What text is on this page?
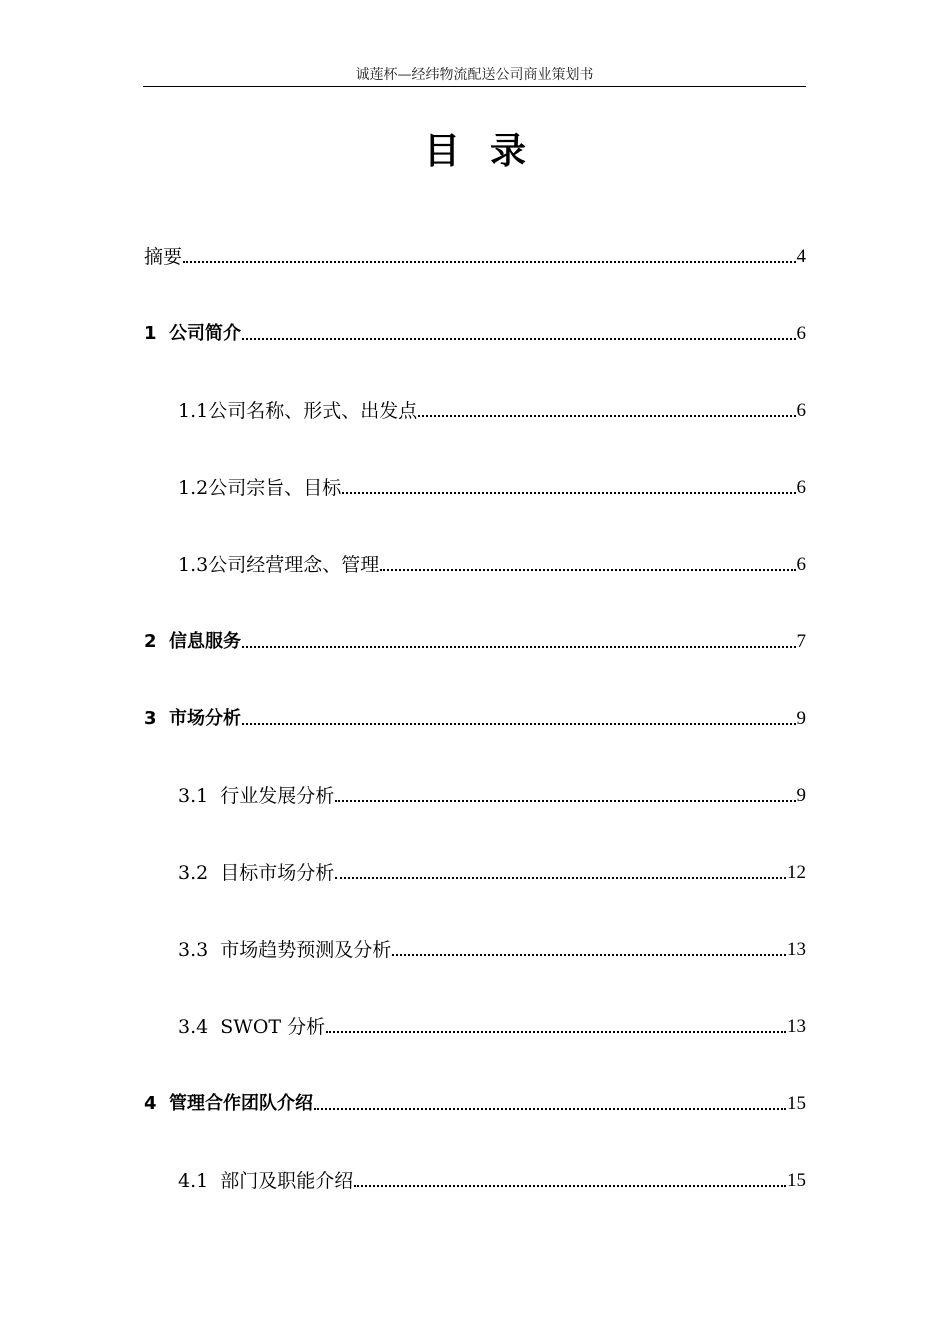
诚莲杯—经纬物流配送公司商业策划书
目录
摘要	4
1  公司简介	6
1.1公司名称、形式、出发点	6
1.2公司宗旨、目标	6
1.3公司经营理念、管理	6
2  信息服务	7
3  市场分析	9
3.1  行业发展分析	9
3.2  目标市场分析	12
3.3  市场趋势预测及分析	13
3.4  SWOT 分析	13
4  管理合作团队介绍	15
4.1  部门及职能介绍	15
